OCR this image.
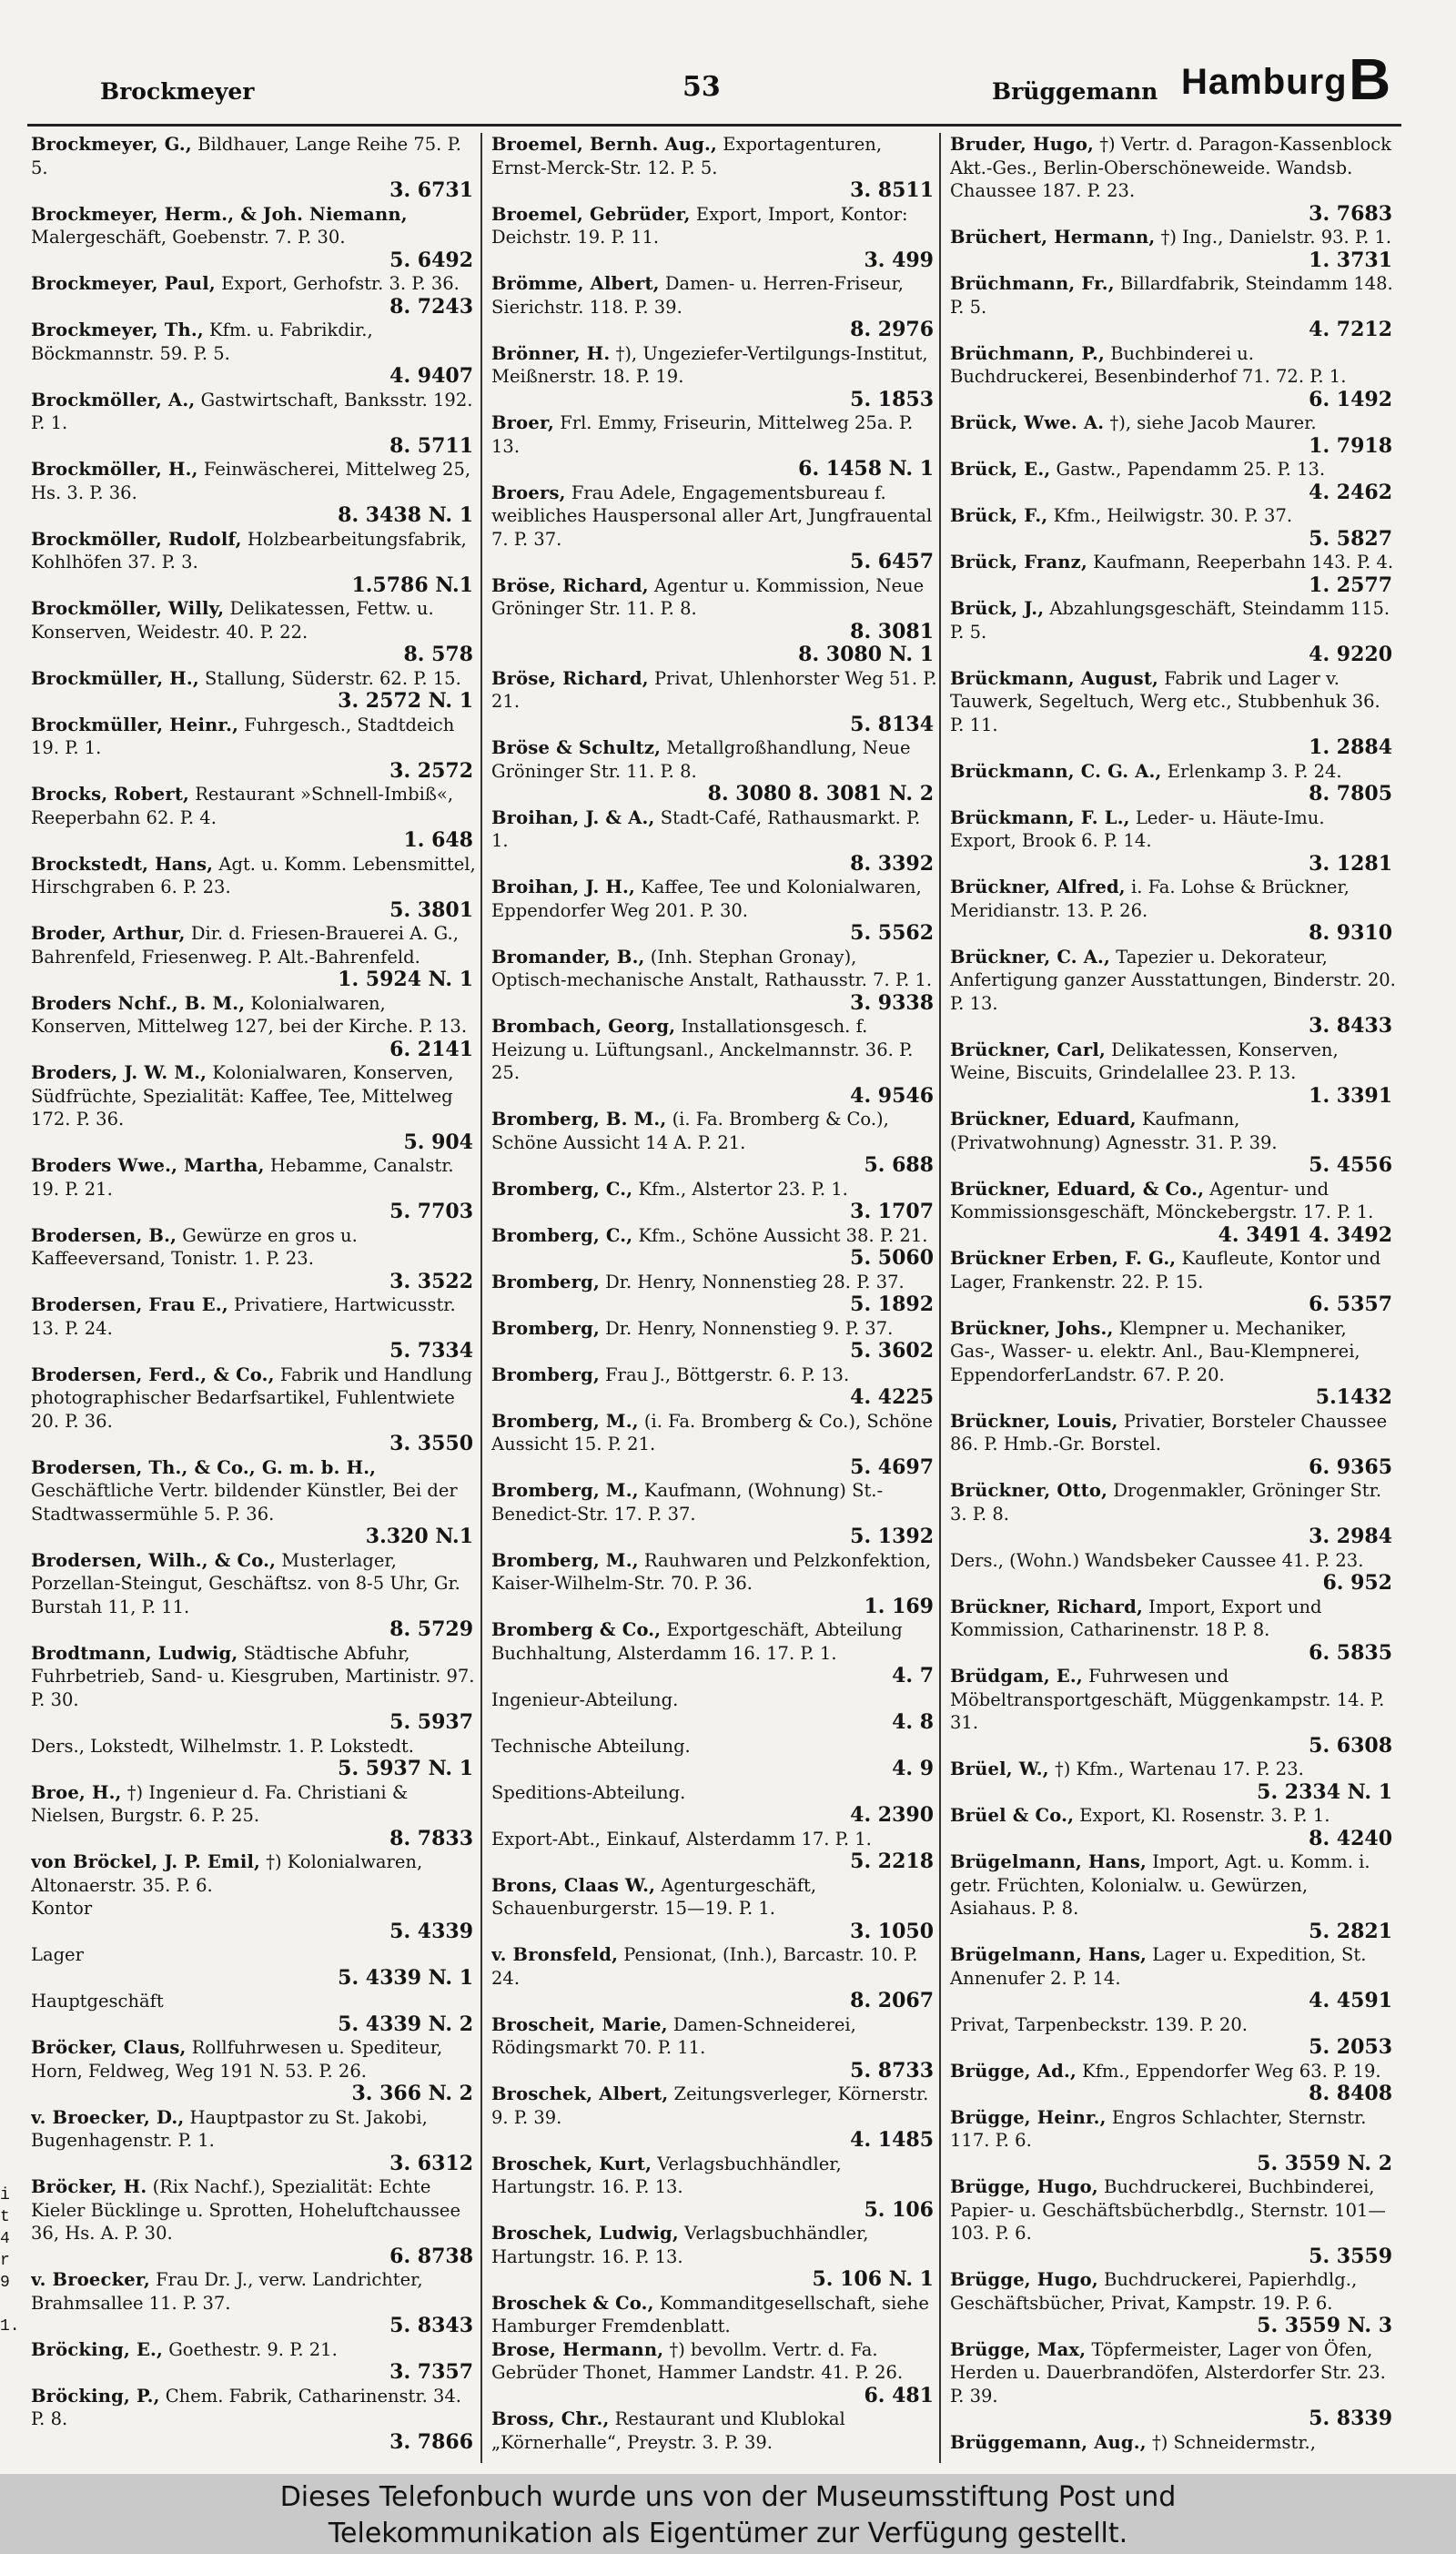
Brockmeyer	53	Brüggemann Hamburg B
Brockmeyer, G., Bildhauer, Lange Reihe 75. P. 5.
3. 6731
Brockmeyer, Herm., & Joh. Niemann, Malergeschäft, Goebenstr. 7. P. 30.
5. 6492
Brockmeyer, Paul, Export, Gerhofstr. 3. P. 36.
8. 7243
Brockmeyer, Th., Kfm. u. Fabrikdir., Böckmannstr. 59. P. 5.
4. 9407
Brockmöller, A., Gastwirtschaft, Banksstr. 192. P. 1.
8. 5711
Brockmöller, H., Feinwäscherei, Mittelweg 25, Hs. 3. P. 36.
8. 3438 N. 1
Brockmöller, Rudolf, Holzbearbeitungsfabrik, Kohlhöfen 37. P. 3.
1.5786 N.1
Brockmöller, Willy, Delikatessen, Fettw. u. Konserven, Weidestr. 40. P. 22.
8. 578
Brockmüller, H., Stallung, Süderstr. 62. P. 15.
3. 2572 N. 1
Brockmüller, Heinr., Fuhrgesch., Stadtdeich 19. P. 1.
3. 2572
Brocks, Robert, Restaurant »Schnell-Imbiß«, Reeperbahn 62. P. 4.
1. 648
Brockstedt, Hans, Agt. u. Komm. Lebensmittel, Hirschgraben 6. P. 23.
5. 3801
Broder, Arthur, Dir. d. Friesen-Brauerei A. G., Bahrenfeld, Friesenweg. P. Alt.-Bahrenfeld.
1. 5924 N. 1
Broders Nchf., B. M., Kolonialwaren, Konserven, Mittelweg 127, bei der Kirche. P. 13.
6. 2141
Broders, J. W. M., Kolonialwaren, Konserven, Südfrüchte, Spezialität: Kaffee, Tee, Mittelweg 172. P. 36.
5. 904
Broders Wwe., Martha, Hebamme, Canalstr. 19. P. 21.
5. 7703
Brodersen, B., Gewürze en gros u. Kaffeeversand, Tonistr. 1. P. 23.
3. 3522
Brodersen, Frau E., Privatiere, Hartwicusstr. 13. P. 24.
5. 7334
Brodersen, Ferd., & Co., Fabrik und Handlung photographischer Bedarfsartikel, Fuhlentwiete 20. P. 36.
3. 3550
Brodersen, Th., & Co., G. m. b. H., Geschäftliche Vertr. bildender Künstler, Bei der Stadtwassermühle 5. P. 36.
3.320 N.1
Brodersen, Wilh., & Co., Musterlager, Porzellan-Steingut, Geschäftsz. von 8-5 Uhr, Gr. Burstah 11, P. 11.
8. 5729
Brodtmann, Ludwig, Städtische Abfuhr, Fuhrbetrieb, Sand- u. Kiesgruben, Martinistr. 97. P. 30.
5. 5937
Ders., Lokstedt, Wilhelmstr. 1. P. Lokstedt.
5. 5937 N. 1
Broe, H., †) Ingenieur d. Fa. Christiani & Nielsen, Burgstr. 6. P. 25.
8. 7833
von Bröckel, J. P. Emil, †) Kolonialwaren, Altonaerstr. 35. P. 6.
Kontor
5. 4339
Lager
5. 4339 N. 1
Hauptgeschäft
5. 4339 N. 2
Bröcker, Claus, Rollfuhrwesen u. Spediteur, Horn, Feldweg, Weg 191 N. 53. P. 26.
3. 366 N. 2
v. Broecker, D., Hauptpastor zu St. Jakobi, Bugenhagenstr. P. 1.
3. 6312
Bröcker, H. (Rix Nachf.), Spezialität: Echte Kieler Bücklinge u. Sprotten, Hoheluftchaussee 36, Hs. A. P. 30.
6. 8738
v. Broecker, Frau Dr. J., verw. Landrichter, Brahmsallee 11. P. 37.
5. 8343
Bröcking, E., Goethestr. 9. P. 21.
3. 7357
Bröcking, P., Chem. Fabrik, Catharinenstr. 34. P. 8.
3. 7866
Broemel, Bernh. Aug., Exportagenturen, Ernst-Merck-Str. 12. P. 5.
3. 8511
Broemel, Gebrüder, Export, Import, Kontor: Deichstr. 19. P. 11.
3. 499
Brömme, Albert, Damen- u. Herren-Friseur, Sierichstr. 118. P. 39.
8. 2976
Brönner, H. †), Ungeziefer-Vertilgungs-Institut, Meißnerstr. 18. P. 19.
5. 1853
Broer, Frl. Emmy, Friseurin, Mittelweg 25a. P. 13.
6. 1458 N. 1
Broers, Frau Adele, Engagementsbureau f. weibliches Hauspersonal aller Art, Jungfrauental 7. P. 37.
5. 6457
Bröse, Richard, Agentur u. Kommission, Neue Gröninger Str. 11. P. 8.
8. 3081
8. 3080 N. 1
Bröse, Richard, Privat, Uhlenhorster Weg 51. P. 21.
5. 8134
Bröse & Schultz, Metallgroßhandlung, Neue Gröninger Str. 11. P. 8.
8. 3080 8. 3081 N. 2
Broihan, J. & A., Stadt-Café, Rathausmarkt. P. 1.
8. 3392
Broihan, J. H., Kaffee, Tee und Kolonialwaren, Eppendorfer Weg 201. P. 30.
5. 5562
Bromander, B., (Inh. Stephan Gronay), Optisch-mechanische Anstalt, Rathausstr. 7. P. 1.
3. 9338
Brombach, Georg, Installationsgesch. f. Heizung u. Lüftungsanl., Anckelmannstr. 36. P. 25.
4. 9546
Bromberg, B. M., (i. Fa. Bromberg & Co.), Schöne Aussicht 14 A. P. 21.
5. 688
Bromberg, C., Kfm., Alstertor 23. P. 1.
3. 1707
Bromberg, C., Kfm., Schöne Aussicht 38. P. 21.
5. 5060
Bromberg, Dr. Henry, Nonnenstieg 28. P. 37.
5. 1892
Bromberg, Dr. Henry, Nonnenstieg 9. P. 37.
5. 3602
Bromberg, Frau J., Böttgerstr. 6. P. 13.
4. 4225
Bromberg, M., (i. Fa. Bromberg & Co.), Schöne Aussicht 15. P. 21.
5. 4697
Bromberg, M., Kaufmann, (Wohnung) St.-Benedict-Str. 17. P. 37.
5. 1392
Bromberg, M., Rauhwaren und Pelzkonfektion, Kaiser-Wilhelm-Str. 70. P. 36.
1. 169
Bromberg & Co., Exportgeschäft, Abteilung Buchhaltung, Alsterdamm 16. 17. P. 1.
4. 7
Ingenieur-Abteilung.
4. 8
Technische Abteilung.
4. 9
Speditions-Abteilung.
4. 2390
Export-Abt., Einkauf, Alsterdamm 17. P. 1.
5. 2218
Brons, Claas W., Agenturgeschäft, Schauenburgerstr. 15—19. P. 1.
3. 1050
v. Bronsfeld, Pensionat, (Inh.), Barcastr. 10. P. 24.
8. 2067
Broscheit, Marie, Damen-Schneiderei, Rödingsmarkt 70. P. 11.
5. 8733
Broschek, Albert, Zeitungsverleger, Körnerstr. 9. P. 39.
4. 1485
Broschek, Kurt, Verlagsbuchhändler, Hartungstr. 16. P. 13.
5. 106
Broschek, Ludwig, Verlagsbuchhändler, Hartungstr. 16. P. 13.
5. 106 N. 1
Broschek & Co., Kommanditgesellschaft, siehe Hamburger Fremdenblatt.
Brose, Hermann, †) bevollm. Vertr. d. Fa. Gebrüder Thonet, Hammer Landstr. 41. P. 26.
6. 481
Bross, Chr., Restaurant und Klublokal „Körnerhalle“, Preystr. 3. P. 39.
Bruder, Hugo, †) Vertr. d. Paragon-Kassenblock Akt.-Ges., Berlin-Oberschöneweide. Wandsb. Chaussee 187. P. 23.
3. 7683
Brüchert, Hermann, †) Ing., Danielstr. 93. P. 1.
1. 3731
Brüchmann, Fr., Billardfabrik, Steindamm 148. P. 5.
4. 7212
Brüchmann, P., Buchbinderei u. Buchdruckerei, Besenbinderhof 71. 72. P. 1.
6. 1492
Brück, Wwe. A. †), siehe Jacob Maurer.
1. 7918
Brück, E., Gastw., Papendamm 25. P. 13.
4. 2462
Brück, F., Kfm., Heilwigstr. 30. P. 37.
5. 5827
Brück, Franz, Kaufmann, Reeperbahn 143. P. 4.
1. 2577
Brück, J., Abzahlungsgeschäft, Steindamm 115. P. 5.
4. 9220
Brückmann, August, Fabrik und Lager v. Tauwerk, Segeltuch, Werg etc., Stubbenhuk 36. P. 11.
1. 2884
Brückmann, C. G. A., Erlenkamp 3. P. 24.
8. 7805
Brückmann, F. L., Leder- u. Häute-Imu. Export, Brook 6. P. 14.
3. 1281
Brückner, Alfred, i. Fa. Lohse & Brückner, Meridianstr. 13. P. 26.
8. 9310
Brückner, C. A., Tapezier u. Dekorateur, Anfertigung ganzer Ausstattungen, Binderstr. 20. P. 13.
3. 8433
Brückner, Carl, Delikatessen, Konserven, Weine, Biscuits, Grindelallee 23. P. 13.
1. 3391
Brückner, Eduard, Kaufmann, (Privatwohnung) Agnesstr. 31. P. 39.
5. 4556
Brückner, Eduard, & Co., Agentur- und Kommissionsgeschäft, Mönckebergstr. 17. P. 1.
4. 3491 4. 3492
Brückner Erben, F. G., Kaufleute, Kontor und Lager, Frankenstr. 22. P. 15.
6. 5357
Brückner, Johs., Klempner u. Mechaniker, Gas-, Wasser- u. elektr. Anl., Bau-Klempnerei, EppendorferLandstr. 67. P. 20.
5.1432
Brückner, Louis, Privatier, Borsteler Chaussee 86. P. Hmb.-Gr. Borstel.
6. 9365
Brückner, Otto, Drogenmakler, Gröninger Str. 3. P. 8.
3. 2984
Ders., (Wohn.) Wandsbeker Caussee 41. P. 23.
6. 952
Brückner, Richard, Import, Export und Kommission, Catharinenstr. 18 P. 8.
6. 5835
Brüdgam, E., Fuhrwesen und Möbeltransportgeschäft, Müggenkampstr. 14. P. 31.
5. 6308
Brüel, W., †) Kfm., Wartenau 17. P. 23.
5. 2334 N. 1
Brüel & Co., Export, Kl. Rosenstr. 3. P. 1.
8. 4240
Brügelmann, Hans, Import, Agt. u. Komm. i. getr. Früchten, Kolonialw. u. Gewürzen, Asiahaus. P. 8.
5. 2821
Brügelmann, Hans, Lager u. Expedition, St. Annenufer 2. P. 14.
4. 4591
Privat, Tarpenbeckstr. 139. P. 20.
5. 2053
Brügge, Ad., Kfm., Eppendorfer Weg 63. P. 19.
8. 8408
Brügge, Heinr., Engros Schlachter, Sternstr. 117. P. 6.
5. 3559 N. 2
Brügge, Hugo, Buchdruckerei, Buchbinderei, Papier- u. Geschäftsbücherbdlg., Sternstr. 101—103. P. 6.
5. 3559
Brügge, Hugo, Buchdruckerei, Papierhdlg., Geschäftsbücher, Privat, Kampstr. 19. P. 6.
5. 3559 N. 3
Brügge, Max, Töpfermeister, Lager von Öfen, Herden u. Dauerbrandöfen, Alsterdorfer Str. 23. P. 39.
5. 8339
Brüggemann, Aug., †) Schneidermstr.,
i
t
4
r
9

1.
Dieses Telefonbuch wurde uns von der Museumsstiftung Post und
Telekommunikation als Eigentümer zur Verfügung gestellt.
